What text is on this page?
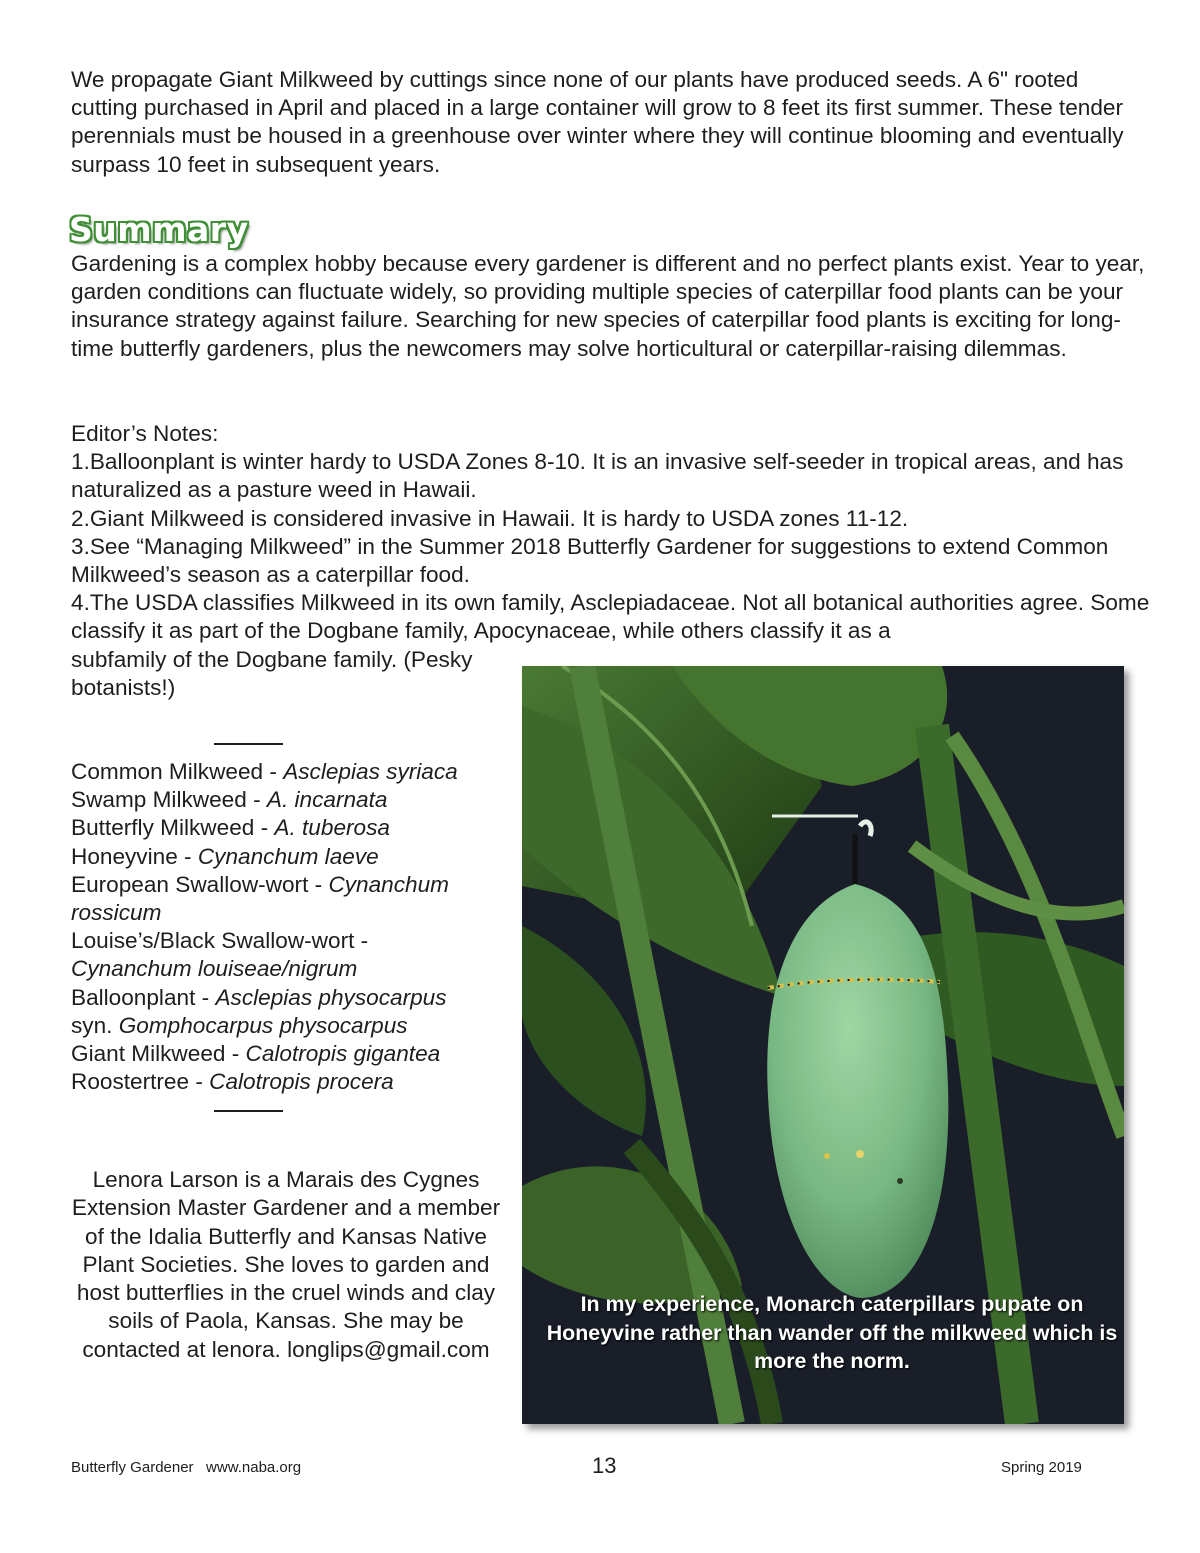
We propagate Giant Milkweed by cuttings since none of our plants have produced seeds. A 6" rooted cutting purchased in April and placed in a large container will grow to 8 feet its first summer. These tender perennials must be housed in a greenhouse over winter where they will continue blooming and eventually surpass 10 feet in subsequent years.
Summary
Gardening is a complex hobby because every gardener is different and no perfect plants exist. Year to year, garden conditions can fluctuate widely, so providing multiple species of caterpillar food plants can be your insurance strategy against failure. Searching for new species of caterpillar food plants is exciting for long-time butterfly gardeners, plus the newcomers may solve horticultural or caterpillar-raising dilemmas.
Editor’s Notes:
1.Balloonplant is winter hardy to USDA Zones 8-10. It is an invasive self-seeder in tropical areas, and has naturalized as a pasture weed in Hawaii.
2.Giant Milkweed is considered invasive in Hawaii. It is hardy to USDA zones 11-12.
3.See “Managing Milkweed” in the Summer 2018 Butterfly Gardener for suggestions to extend Common Milkweed’s season as a caterpillar food.
4.The USDA classifies Milkweed in its own family, Asclepiadaceae. Not all botanical authorities agree. Some classify it as part of the Dogbane family, Apocynaceae, while others classify it as a
subfamily of the Dogbane family. (Pesky
botanists!)
Common Milkweed - Asclepias syriaca
Swamp Milkweed - A. incarnata
Butterfly Milkweed - A. tuberosa
Honeyvine - Cynanchum laeve
European Swallow-wort - Cynanchum
rossicum
Louise’s/Black Swallow-wort -
Cynanchum louiseae/nigrum
Balloonplant - Asclepias physocarpus
syn. Gomphocarpus physocarpus
Giant Milkweed - Calotropis gigantea
Roostertree - Calotropis procera
Lenora Larson is a Marais des Cygnes Extension Master Gardener and a member of the Idalia Butterfly and Kansas Native Plant Societies. She loves to garden and host butterflies in the cruel winds and clay soils of Paola, Kansas. She may be contacted at lenora. longlips@gmail.com
In my experience, Monarch caterpillars pupate on Honeyvine rather than wander off the milkweed which is more the norm.
Butterfly Gardener   www.naba.org	13	Spring 2019
